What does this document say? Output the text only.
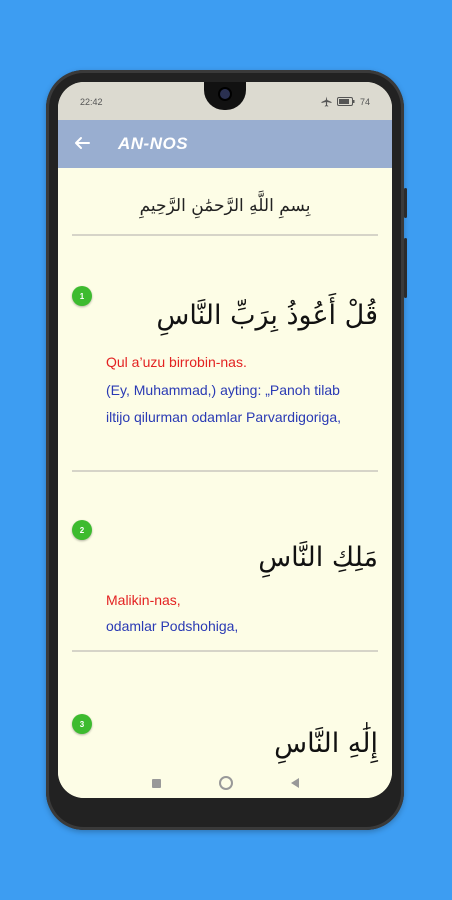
22:42	74
AN-NOS
بِسمِ اللَّهِ الرَّحمَٰنِ الرَّحِيمِ
1
قُلْ أَعُوذُ بِرَبِّ النَّاسِ
Qul a’uzu birrobin-nas.
(Ey, Muhammad,) ayting: „Panoh tilab iltijo qilurman odamlar Parvardigoriga,
2
مَلِكِ النَّاسِ
Malikin-nas,
odamlar Podshohiga,
3
إِلَٰهِ النَّاسِ
